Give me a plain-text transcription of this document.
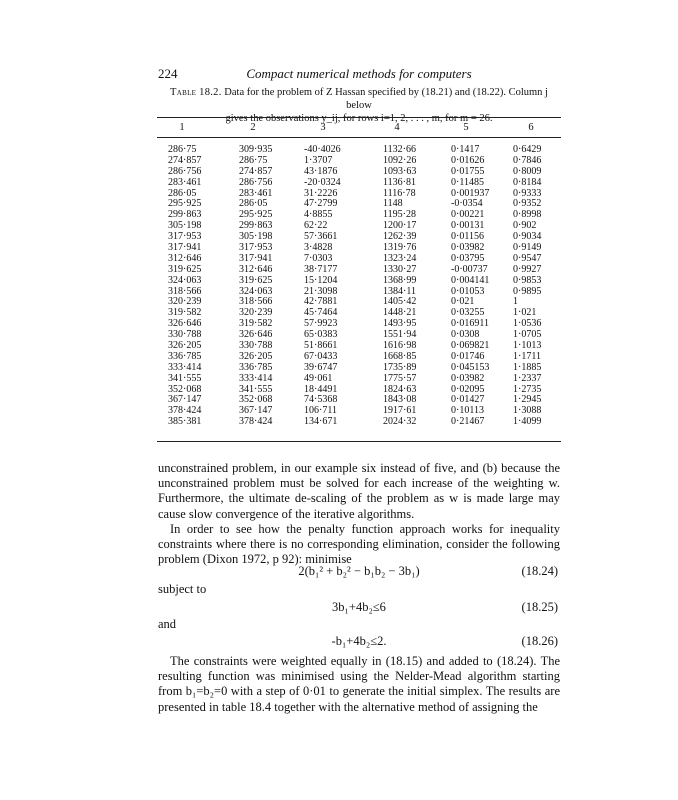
224	Compact numerical methods for computers
Table 18.2. Data for the problem of Z Hassan specified by (18.21) and (18.22). Column j below
gives the observations y_ij, for rows i=1, 2, . . . , m, for m = 26.
1	2	3	4	5	6
286·75	309·935	-40·4026	1132·66	0·1417	0·6429
274·857	286·75	1·3707	1092·26	0·01626	0·7846
286·756	274·857	43·1876	1093·63	0·01755	0·8009
283·461	286·756	-20·0324	1136·81	0·11485	0·8184
286·05	283·461	31·2226	1116·78	0·001937 0·9333
295·925	286·05	47·2799	1148	-0·0354	0·9352
299·863	295·925	4·8855	1195·28	0·00221	0·8998
305·198	299·863	62·22	1200·17	0·00131	0·902
317·953	305·198	57·3661	1262·39	0·01156	0·9034
317·941	317·953	3·4828	1319·76	0·03982	0·9149
312·646	317·941	7·0303	1323·24	0·03795	0·9547
319·625	312·646	38·7177	1330·27	-0·00737	0·9927
324·063	319·625	15·1204	1368·99	0·004141 0·9853
318·566	324·063	21·3098	1384·11	0·01053	0·9895
320·239	318·566	42·7881	1405·42	0·021	1
319·582	320·239	45·7464	1448·21	0·03255	1·021
326·646	319·582	57·9923	1493·95	0·016911 1·0536
330·788	326·646	65·0383	1551·94	0·0308	1·0705
326·205	330·788	51·8661	1616·98	0·069821 1·1013
336·785	326·205	67·0433	1668·85	0·01746	1·1711
333·414	336·785	39·6747	1735·89	0·045153 1·1885
341·555	333·414	49·061	1775·57	0·03982	1·2337
352·068	341·555	18·4491	1824·63	0·02095	1·2735
367·147	352·068	74·5368	1843·08	0·01427	1·2945
378·424	367·147	106·711	1917·61	0·10113	1·3088
385·381	378·424	134·671	2024·32	0·21467	1·4099
unconstrained problem, in our example six instead of five, and (b) because the unconstrained problem must be solved for each increase of the weighting w. Furthermore, the ultimate de-scaling of the problem as w is made large may cause slow convergence of the iterative algorithms.
In order to see how the penalty function approach works for inequality constraints where there is no corresponding elimination, consider the following problem (Dixon 1972, p 92): minimise
2(b₁² + b₂² − b₁b₂ − 3b₁)	(18.24)
subject to
3b₁+4b₂≤6	(18.25)
and
-b₁+4b₂≤2.	(18.26)
The constraints were weighted equally in (18.15) and added to (18.24). The resulting function was minimised using the Nelder-Mead algorithm starting from b₁=b₂=0 with a step of 0·01 to generate the initial simplex. The results are presented in table 18.4 together with the alternative method of assigning the
